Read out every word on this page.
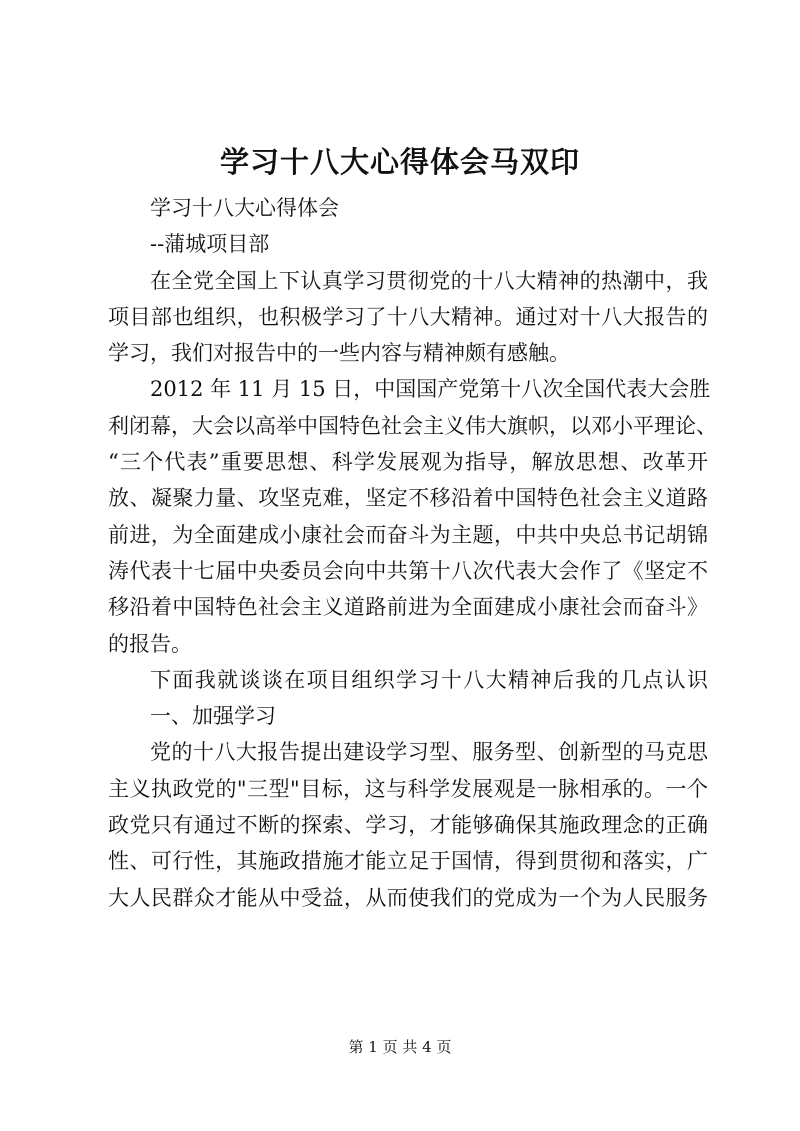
学习十八大心得体会马双印
学习十八大心得体会
--蒲城项目部
在全党全国上下认真学习贯彻党的十八大精神的热潮中，我
项目部也组织，也积极学习了十八大精神。通过对十八大报告的
学习，我们对报告中的一些内容与精神颇有感触。
2012 年 11 月 15 日，中国国产党第十八次全国代表大会胜
利闭幕，大会以高举中国特色社会主义伟大旗帜，以邓小平理论、
“三个代表”重要思想、科学发展观为指导，解放思想、改革开
放、凝聚力量、攻坚克难，坚定不移沿着中国特色社会主义道路
前进，为全面建成小康社会而奋斗为主题，中共中央总书记胡锦
涛代表十七届中央委员会向中共第十八次代表大会作了《坚定不
移沿着中国特色社会主义道路前进为全面建成小康社会而奋斗》
的报告。
下面我就谈谈在项目组织学习十八大精神后我的几点认识
一、加强学习
党的十八大报告提出建设学习型、服务型、创新型的马克思
主义执政党的"三型"目标，这与科学发展观是一脉相承的。一个
政党只有通过不断的探索、学习，才能够确保其施政理念的正确
性、可行性，其施政措施才能立足于国情，得到贯彻和落实，广
大人民群众才能从中受益，从而使我们的党成为一个为人民服务
第 1 页 共 4 页
